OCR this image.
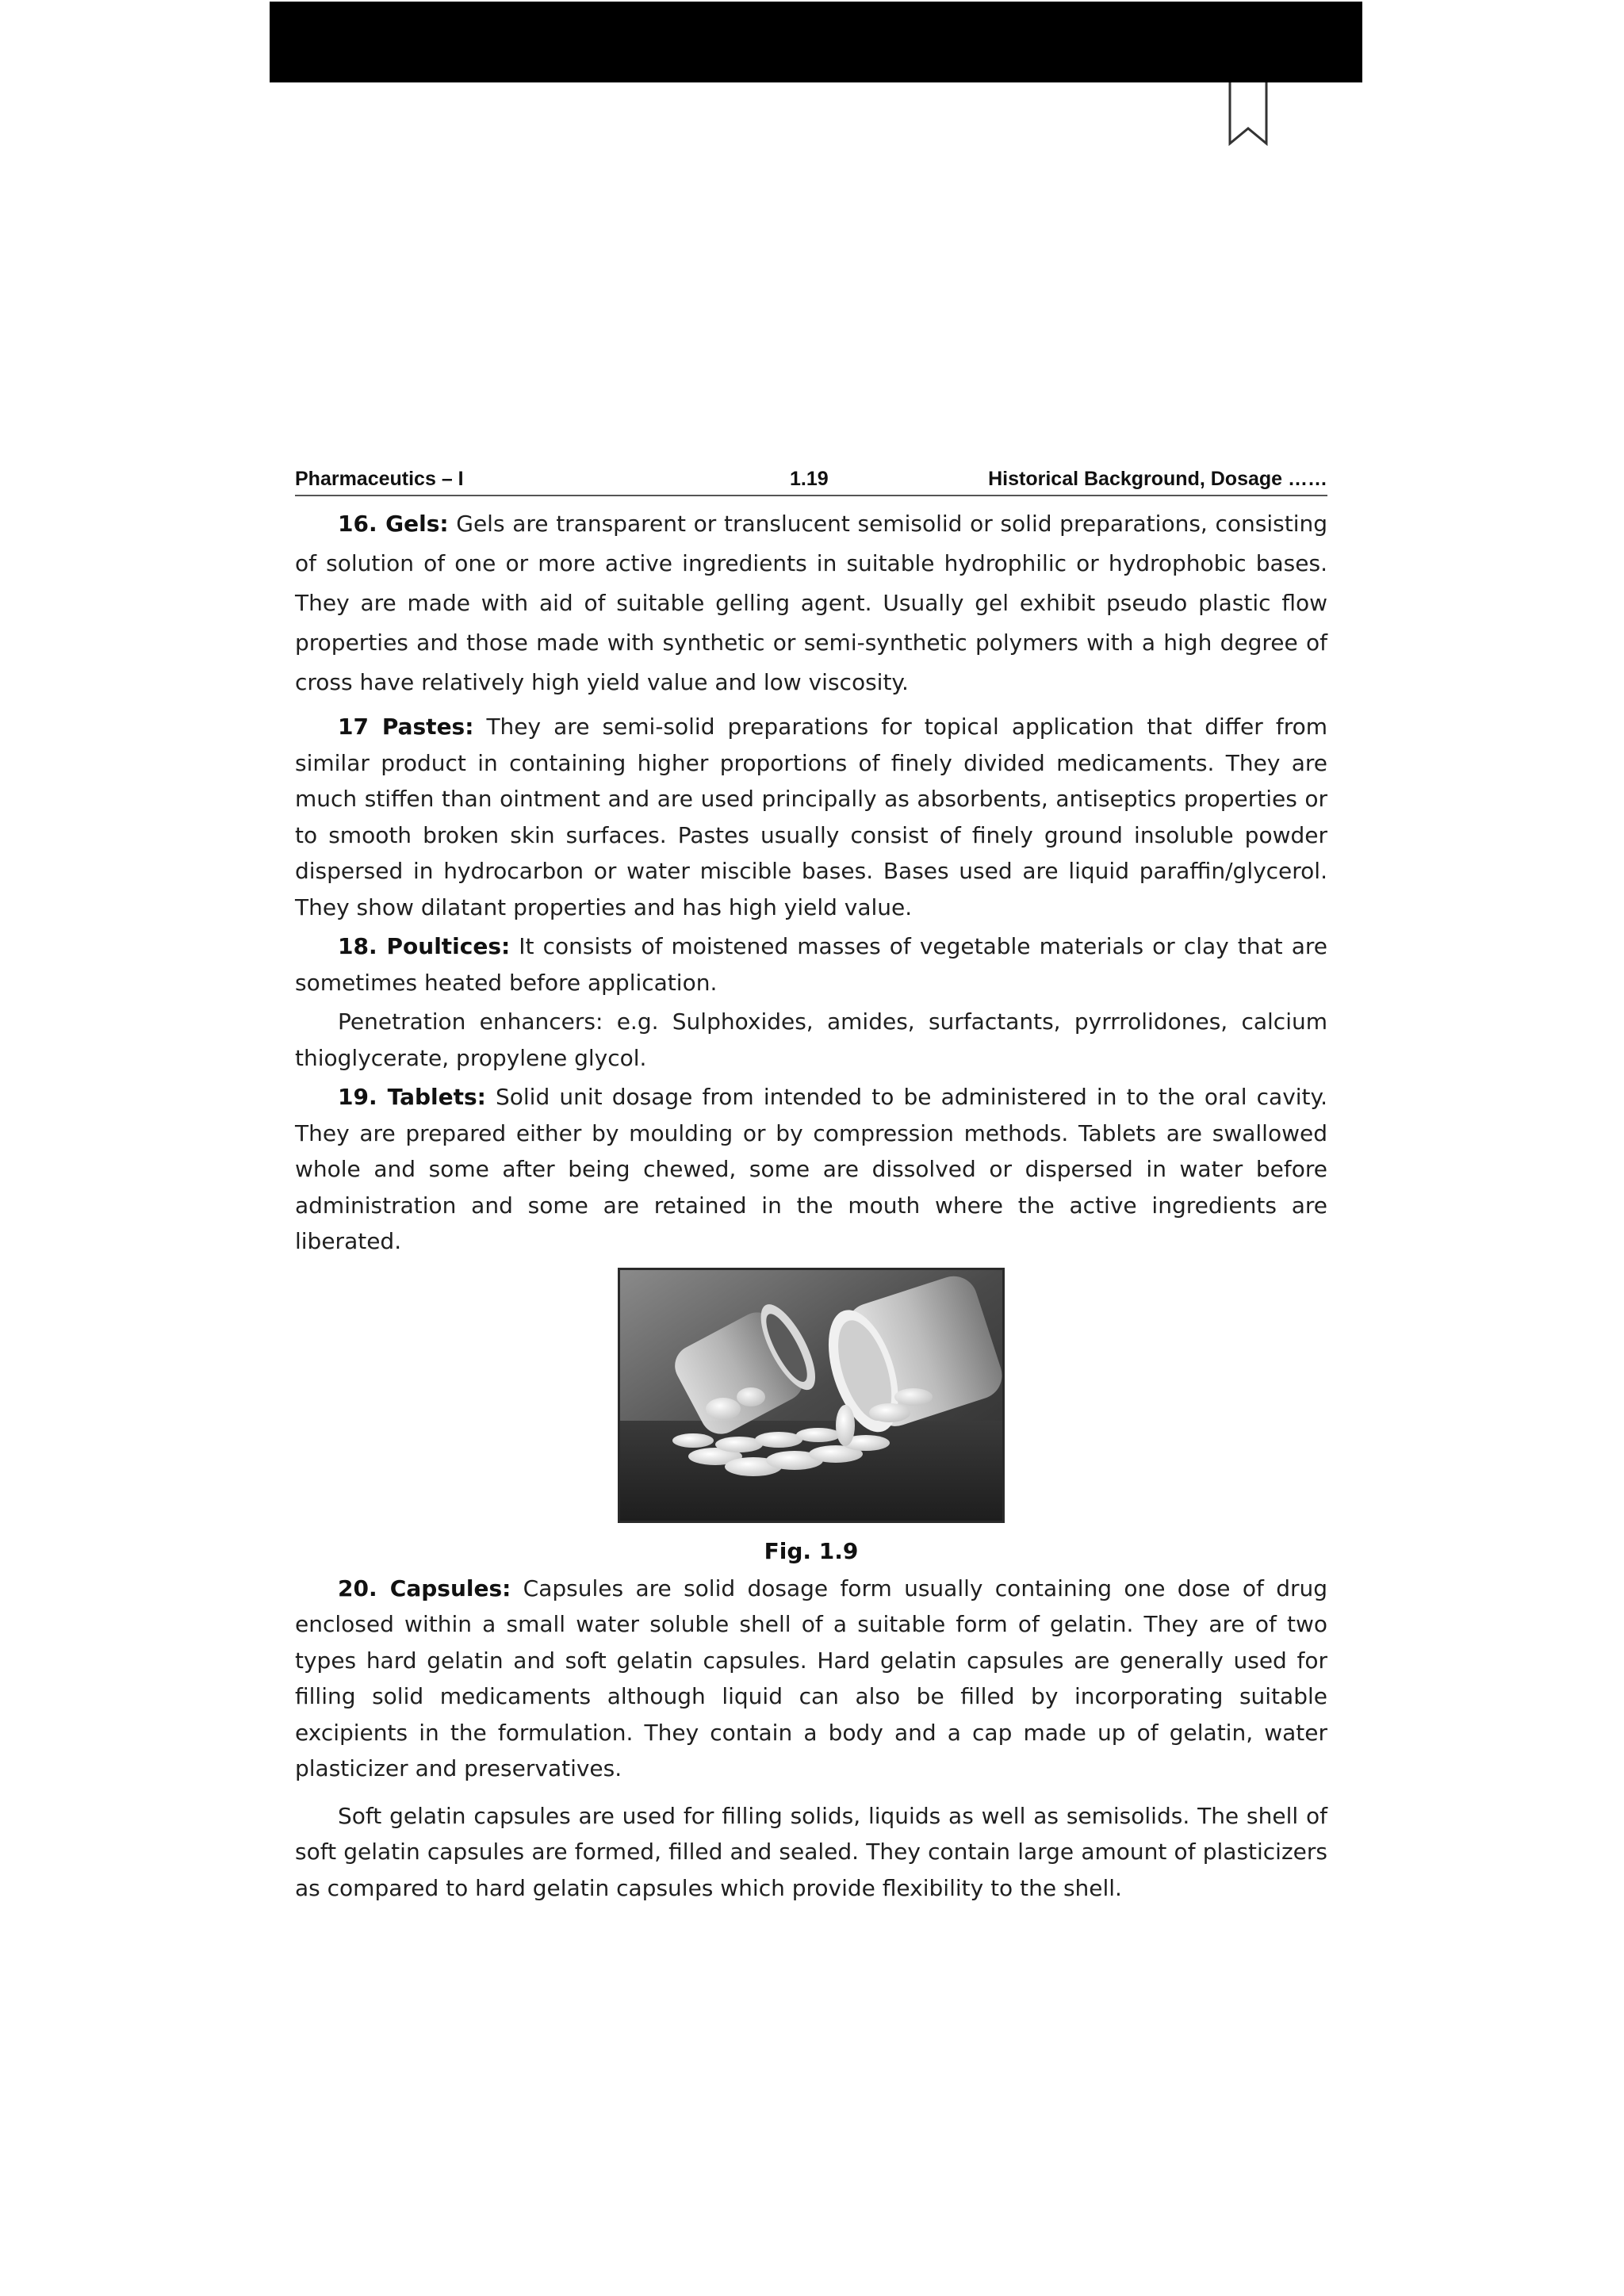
Pharmaceutics – I	1.19	Historical Background, Dosage ……

16. Gels: Gels are transparent or translucent semisolid or solid preparations, consisting of solution of one or more active ingredients in suitable hydrophilic or hydrophobic bases. They are made with aid of suitable gelling agent. Usually gel exhibit pseudo plastic flow properties and those made with synthetic or semi-synthetic polymers with a high degree of cross have relatively high yield value and low viscosity.

17 Pastes: They are semi-solid preparations for topical application that differ from similar product in containing higher proportions of finely divided medicaments. They are much stiffen than ointment and are used principally as absorbents, antiseptics properties or to smooth broken skin surfaces. Pastes usually consist of finely ground insoluble powder dispersed in hydrocarbon or water miscible bases. Bases used are liquid paraffin/glycerol. They show dilatant properties and has high yield value.

18. Poultices: It consists of moistened masses of vegetable materials or clay that are sometimes heated before application.

Penetration enhancers: e.g. Sulphoxides, amides, surfactants, pyrrrolidones, calcium thioglycerate, propylene glycol.

19. Tablets: Solid unit dosage from intended to be administered in to the oral cavity. They are prepared either by moulding or by compression methods. Tablets are swallowed whole and some after being chewed, some are dissolved or dispersed in water before administration and some are retained in the mouth where the active ingredients are liberated.

Fig. 1.9

20. Capsules: Capsules are solid dosage form usually containing one dose of drug enclosed within a small water soluble shell of a suitable form of gelatin. They are of two types hard gelatin and soft gelatin capsules. Hard gelatin capsules are generally used for filling solid medicaments although liquid can also be filled by incorporating suitable excipients in the formulation. They contain a body and a cap made up of gelatin, water plasticizer and preservatives.

Soft gelatin capsules are used for filling solids, liquids as well as semisolids. The shell of soft gelatin capsules are formed, filled and sealed. They contain large amount of plasticizers as compared to hard gelatin capsules which provide flexibility to the shell.
